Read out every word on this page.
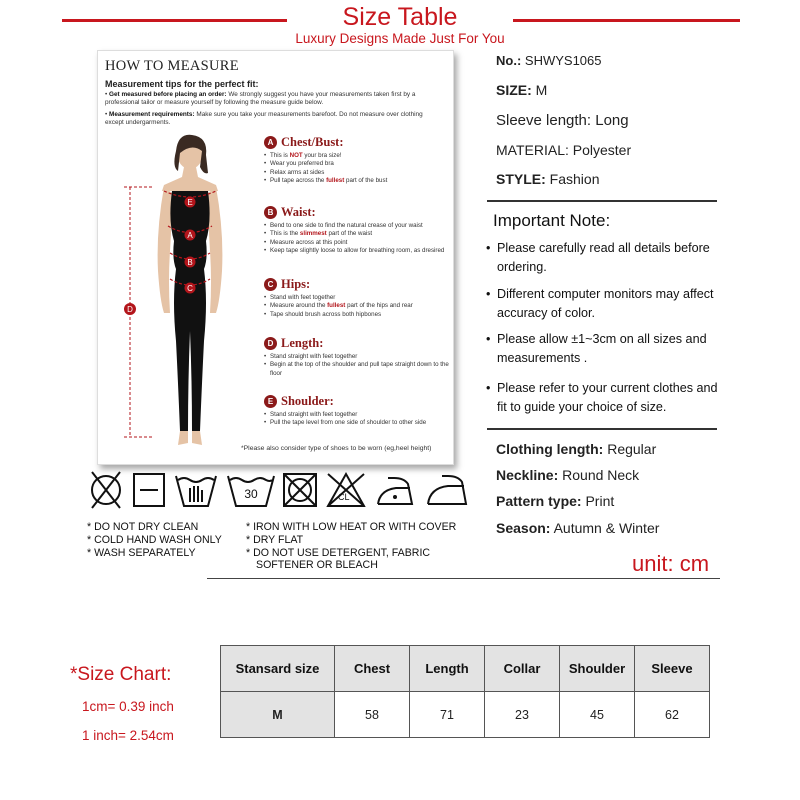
Size Table
Luxury Designs Made Just For You
HOW TO MEASURE
Measurement tips for the perfect fit:
• Get measured before placing an order: We strongly suggest you have your measurements taken first by a professional tailor or measure yourself by following the measure guide below.
• Measurement requirements: Make sure you take your measurements barefoot. Do not measure over clothing except undergarments.
E
A
B
C
D
A Chest/Bust:
• This is NOT your bra size!
• Wear you preferred bra
• Relax arms at sides
• Pull tape across the fullest part of the bust
B Waist:
• Bend to one side to find the natural crease of your waist
• This is the slimmest part of the waist
• Measure across at this point
• Keep tape slightly loose to allow for breathing room, as dresired
C Hips:
• Stand with feet together
• Measure around the fullest part of the hips and rear
• Tape should brush across both hipbones
D Length:
• Stand straight with feet together
• Begin at the top of the shoulder and pull tape straight down to the floor
E Shoulder:
• Stand straight with feet together
• Pull the tape level from one side of shoulder to other side
*Please also consider type of shoes to be worn (eg,heel height)
30	CL
* DO NOT DRY CLEAN
* COLD HAND WASH ONLY
* WASH SEPARATELY
* IRON WITH LOW HEAT OR WITH COVER
* DRY FLAT
* DO NOT USE DETERGENT, FABRIC
SOFTENER OR BLEACH
No.: SHWYS1065
SIZE: M
Sleeve length: Long
MATERIAL: Polyester
STYLE: Fashion
Important Note:
• Please carefully read all details before ordering.
• Different computer monitors may affect accuracy of color.
• Please allow ±1~3cm on all sizes and measurements .
• Please refer to your current clothes and fit to guide your choice of size.
Clothing length: Regular
Neckline: Round Neck
Pattern type: Print
Season: Autumn & Winter
unit: cm
*Size Chart:
1cm= 0.39 inch
1 inch= 2.54cm
Stansard size	Chest	Length	Collar	Shoulder	Sleeve
M	58	71	23	45	62
